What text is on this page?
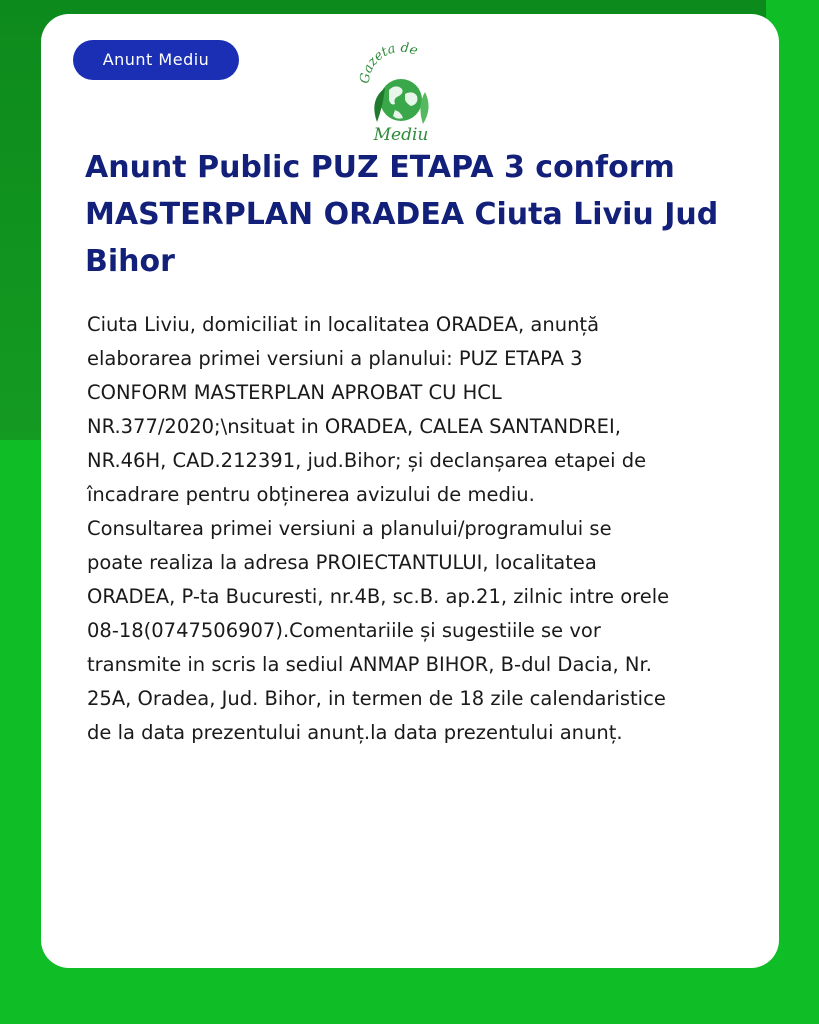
Anunt Mediu
Gazeta de
Mediu
Anunt Public PUZ ETAPA 3 conform MASTERPLAN ORADEA Ciuta Liviu Jud Bihor
Ciuta Liviu, domiciliat in localitatea ORADEA, anunță
elaborarea primei versiuni a planului: PUZ ETAPA 3
CONFORM MASTERPLAN APROBAT CU HCL
NR.377/2020;\nsituat in ORADEA, CALEA SANTANDREI,
NR.46H, CAD.212391, jud.Bihor; și declanșarea etapei de
încadrare pentru obținerea avizului de mediu.
Consultarea primei versiuni a planului/programului se
poate realiza la adresa PROIECTANTULUI, localitatea
ORADEA, P-ta Bucuresti, nr.4B, sc.B. ap.21, zilnic intre orele
08-18(0747506907).Comentariile și sugestiile se vor
transmite in scris la sediul ANMAP BIHOR, B-dul Dacia, Nr.
25A, Oradea, Jud. Bihor, in termen de 18 zile calendaristice
de la data prezentului anunț.la data prezentului anunț.
